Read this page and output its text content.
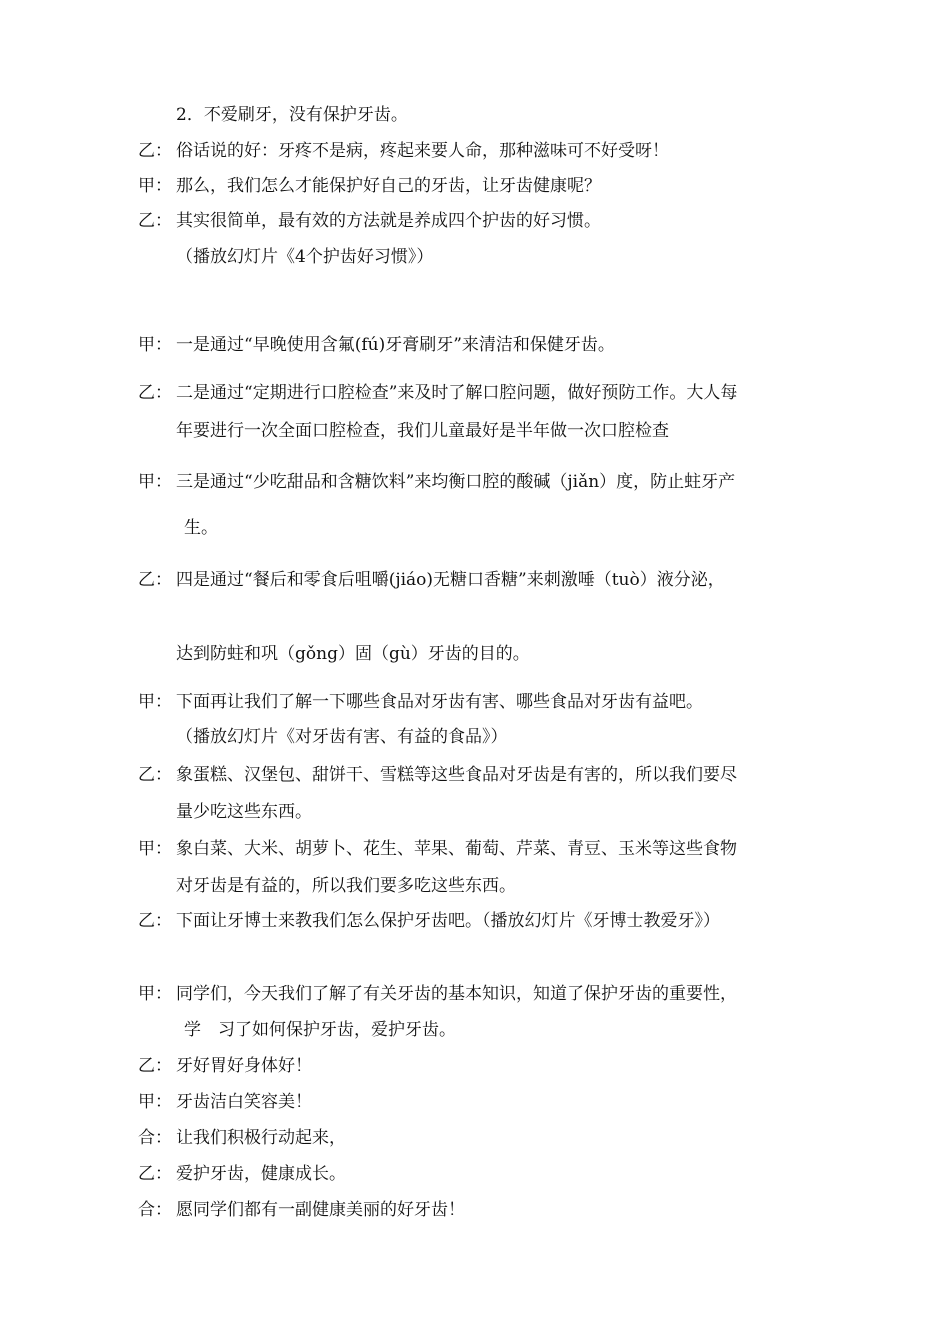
2．不爱刷牙，没有保护牙齿。
乙： 俗话说的好：牙疼不是病，疼起来要人命，那种滋味可不好受呀！
甲： 那么，我们怎么才能保护好自己的牙齿，让牙齿健康呢？
乙： 其实很简单，最有效的方法就是养成四个护齿的好习惯。
（播放幻灯片《4个护齿好习惯》）
甲： 一是通过“早晚使用含氟(fú)牙膏刷牙”来清洁和保健牙齿。
乙： 二是通过“定期进行口腔检查”来及时了解口腔问题，做好预防工作。大人每
年要进行一次全面口腔检查，我们儿童最好是半年做一次口腔检查
甲： 三是通过“少吃甜品和含糖饮料”来均衡口腔的酸碱（jiǎn）度，防止蛀牙产
生。
乙： 四是通过“餐后和零食后咀嚼(jiáo)无糖口香糖”来刺激唾（tuò）液分泌，
达到防蛀和巩（gǒng）固（gù）牙齿的目的。
甲： 下面再让我们了解一下哪些食品对牙齿有害、哪些食品对牙齿有益吧。
（播放幻灯片《对牙齿有害、有益的食品》）
乙： 象蛋糕、汉堡包、甜饼干、雪糕等这些食品对牙齿是有害的，所以我们要尽
量少吃这些东西。
甲： 象白菜、大米、胡萝卜、花生、苹果、葡萄、芹菜、青豆、玉米等这些食物
对牙齿是有益的，所以我们要多吃这些东西。
乙： 下面让牙博士来教我们怎么保护牙齿吧。（播放幻灯片《牙博士教爱牙》）
甲： 同学们，今天我们了解了有关牙齿的基本知识，知道了保护牙齿的重要性，
学　习了如何保护牙齿，爱护牙齿。
乙： 牙好胃好身体好！
甲： 牙齿洁白笑容美！
合： 让我们积极行动起来，
乙： 爱护牙齿，健康成长。
合： 愿同学们都有一副健康美丽的好牙齿！
